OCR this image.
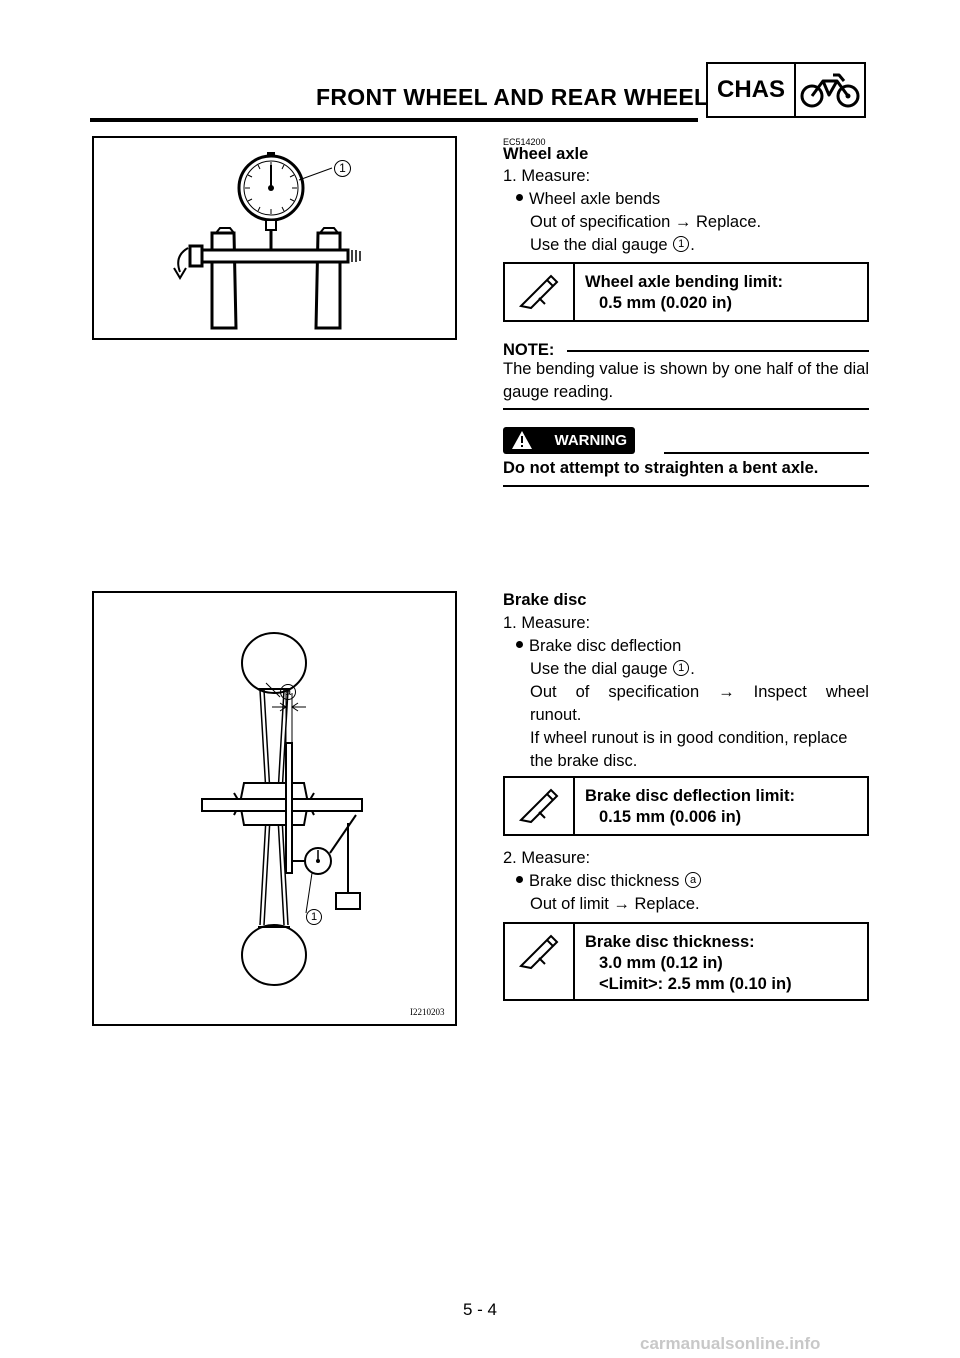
FRONT WHEEL AND REAR WHEEL CHAS
1
EC514200
Wheel axle
1. Measure:
Wheel axle bends
Out of specification → Replace.
Use the dial gauge 1 .
Wheel axle bending limit:
0.5 mm (0.020 in)
NOTE:
The bending value is shown by one half of the dial gauge reading.
WARNING
Do not attempt to straighten a bent axle.
a
1
I2210203
Brake disc
1. Measure:
Brake disc deflection
Use the dial gauge 1 .
Out of specification → Inspect wheel
runout.
If wheel runout is in good condition, replace
the brake disc.
Brake disc deflection limit:
0.15 mm (0.006 in)
2. Measure:
Brake disc thickness a
Out of limit → Replace.
Brake disc thickness:
3.0 mm (0.12 in)
<Limit>: 2.5 mm (0.10 in)
5 - 4
carmanualsonline.info
